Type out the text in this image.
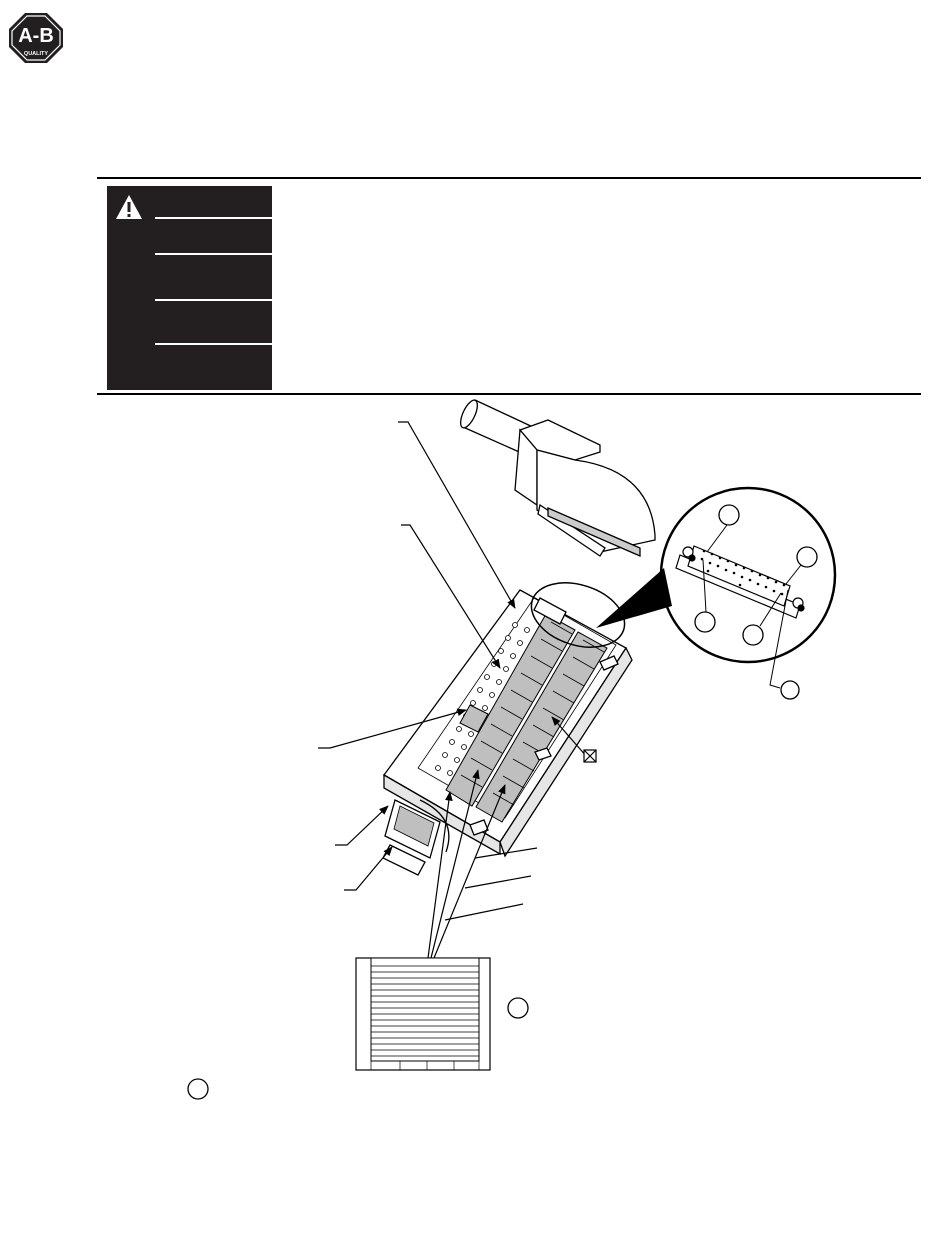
A-B
QUALITY
